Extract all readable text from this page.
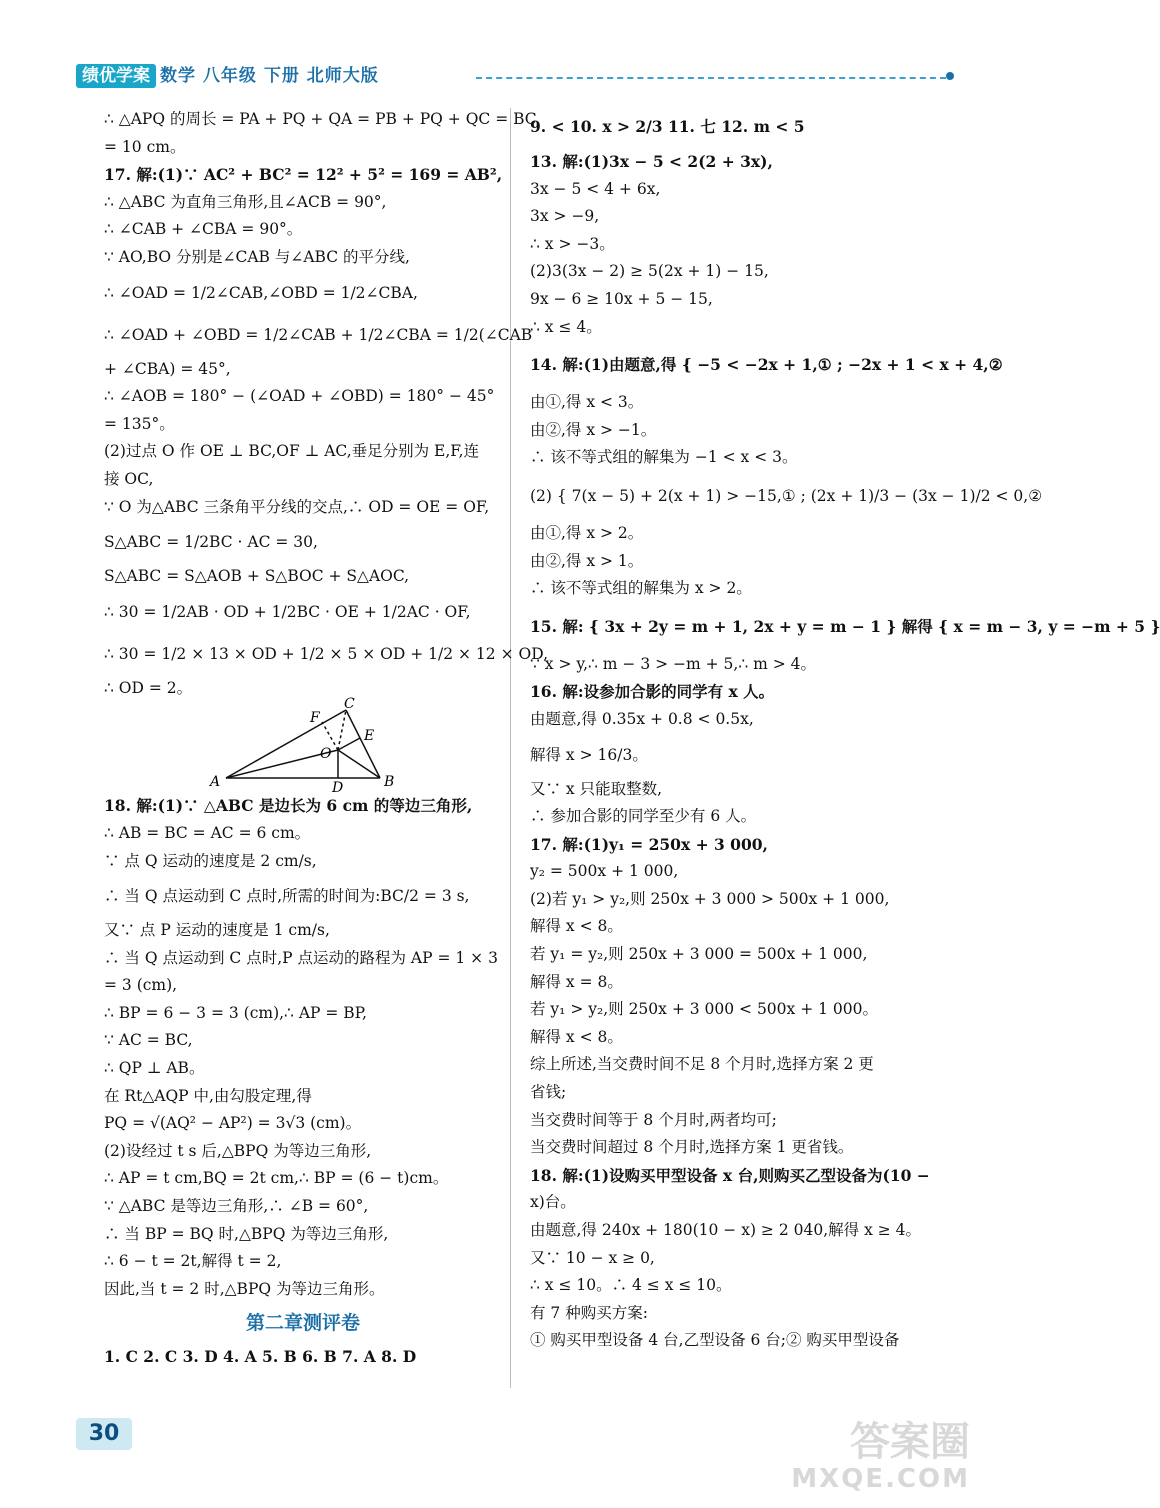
绩优学案 数学 八年级 下册 北师大版
∴ △APQ 的周长 = PA + PQ + QA = PB + PQ + QC = BC
= 10 cm。
17. 解:(1)∵ AC² + BC² = 12² + 5² = 169 = AB²,
∴ △ABC 为直角三角形,且∠ACB = 90°,
∴ ∠CAB + ∠CBA = 90°。
∵ AO,BO 分别是∠CAB 与∠ABC 的平分线,
∴ ∠OAD = 1/2∠CAB,∠OBD = 1/2∠CBA,
∴ ∠OAD + ∠OBD = 1/2∠CAB + 1/2∠CBA = 1/2(∠CAB
+ ∠CBA) = 45°,
∴ ∠AOB = 180° − (∠OAD + ∠OBD) = 180° − 45°
= 135°。
(2)过点 O 作 OE ⊥ BC,OF ⊥ AC,垂足分别为 E,F,连
接 OC,
∵ O 为△ABC 三条角平分线的交点,∴ OD = OE = OF,
S△ABC = 1/2BC · AC = 30,
S△ABC = S△AOB + S△BOC + S△AOC,
∴ 30 = 1/2AB · OD + 1/2BC · OE + 1/2AC · OF,
∴ 30 = 1/2 × 13 × OD + 1/2 × 5 × OD + 1/2 × 12 × OD,
∴ OD = 2。
A	B
C
D
E
F
O
18. 解:(1)∵ △ABC 是边长为 6 cm 的等边三角形,
∴ AB = BC = AC = 6 cm。
∵ 点 Q 运动的速度是 2 cm/s,
∴ 当 Q 点运动到 C 点时,所需的时间为:BC/2 = 3 s,
又∵ 点 P 运动的速度是 1 cm/s,
∴ 当 Q 点运动到 C 点时,P 点运动的路程为 AP = 1 × 3
= 3 (cm),
∴ BP = 6 − 3 = 3 (cm),∴ AP = BP,
∵ AC = BC,
∴ QP ⊥ AB。
在 Rt△AQP 中,由勾股定理,得
PQ = √(AQ² − AP²) = 3√3 (cm)。
(2)设经过 t s 后,△BPQ 为等边三角形,
∴ AP = t cm,BQ = 2t cm,∴ BP = (6 − t)cm。
∵ △ABC 是等边三角形,∴ ∠B = 60°,
∴ 当 BP = BQ 时,△BPQ 为等边三角形,
∴ 6 − t = 2t,解得 t = 2,
因此,当 t = 2 时,△BPQ 为等边三角形。
第二章测评卷
1. C 2. C 3. D 4. A 5. B 6. B 7. A 8. D
9. < 10. x > 2/3 11. 七 12. m < 5
13. 解:(1)3x − 5 < 2(2 + 3x),
3x − 5 < 4 + 6x,
3x > −9,
∴ x > −3。
(2)3(3x − 2) ≥ 5(2x + 1) − 15,
9x − 6 ≥ 10x + 5 − 15,
∴ x ≤ 4。
14. 解:(1)由题意,得 { −5 < −2x + 1,① ; −2x + 1 < x + 4,②
由①,得 x < 3。
由②,得 x > −1。
∴ 该不等式组的解集为 −1 < x < 3。
(2) { 7(x − 5) + 2(x + 1) > −15,① ; (2x + 1)/3 − (3x − 1)/2 < 0,②
由①,得 x > 2。
由②,得 x > 1。
∴ 该不等式组的解集为 x > 2。
15. 解: { 3x + 2y = m + 1, 2x + y = m − 1 } 解得 { x = m − 3, y = −m + 5 }
∵ x > y,∴ m − 3 > −m + 5,∴ m > 4。
16. 解:设参加合影的同学有 x 人。
由题意,得 0.35x + 0.8 < 0.5x,
解得 x > 16/3。
又∵ x 只能取整数,
∴ 参加合影的同学至少有 6 人。
17. 解:(1)y₁ = 250x + 3 000,
y₂ = 500x + 1 000,
(2)若 y₁ > y₂,则 250x + 3 000 > 500x + 1 000,
解得 x < 8。
若 y₁ = y₂,则 250x + 3 000 = 500x + 1 000,
解得 x = 8。
若 y₁ > y₂,则 250x + 3 000 < 500x + 1 000。
解得 x < 8。
综上所述,当交费时间不足 8 个月时,选择方案 2 更
省钱;
当交费时间等于 8 个月时,两者均可;
当交费时间超过 8 个月时,选择方案 1 更省钱。
18. 解:(1)设购买甲型设备 x 台,则购买乙型设备为(10 −
x)台。
由题意,得 240x + 180(10 − x) ≥ 2 040,解得 x ≥ 4。
又∵ 10 − x ≥ 0,
∴ x ≤ 10。∴ 4 ≤ x ≤ 10。
有 7 种购买方案:
① 购买甲型设备 4 台,乙型设备 6 台;② 购买甲型设备
30	答案圈
MXQE.COM
